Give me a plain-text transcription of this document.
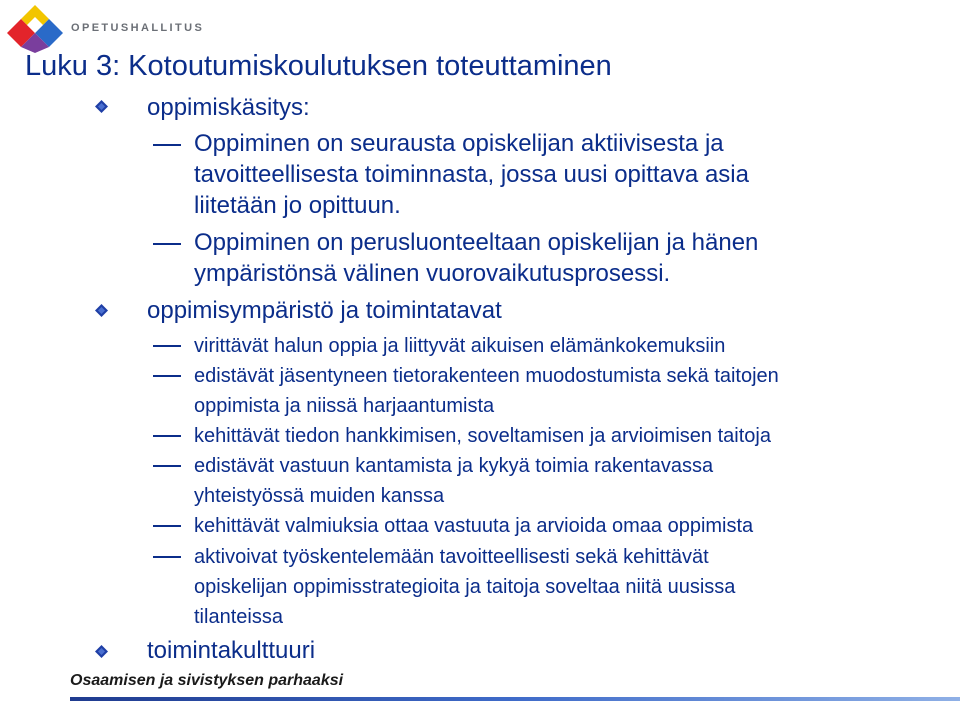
OPETUSHALLITUS
Luku 3: Kotoutumiskoulutuksen toteuttaminen
oppimiskäsitys:
Oppiminen on seurausta opiskelijan aktiivisesta ja
tavoitteellisesta toiminnasta, jossa uusi opittava asia
liitetään jo opittuun.
Oppiminen on perusluonteeltaan opiskelijan ja hänen
ympäristönsä välinen vuorovaikutusprosessi.
oppimisympäristö ja toimintatavat
virittävät halun oppia ja liittyvät aikuisen elämänkokemuksiin
edistävät jäsentyneen tietorakenteen muodostumista sekä taitojen
oppimista ja niissä harjaantumista
kehittävät tiedon hankkimisen, soveltamisen ja arvioimisen taitoja
edistävät vastuun kantamista ja kykyä toimia rakentavassa
yhteistyössä muiden kanssa
kehittävät valmiuksia ottaa vastuuta ja arvioida omaa oppimista
aktivoivat työskentelemään tavoitteellisesti sekä kehittävät
opiskelijan oppimisstrategioita ja taitoja soveltaa niitä uusissa
tilanteissa
toimintakulttuuri
Osaamisen ja sivistyksen parhaaksi
